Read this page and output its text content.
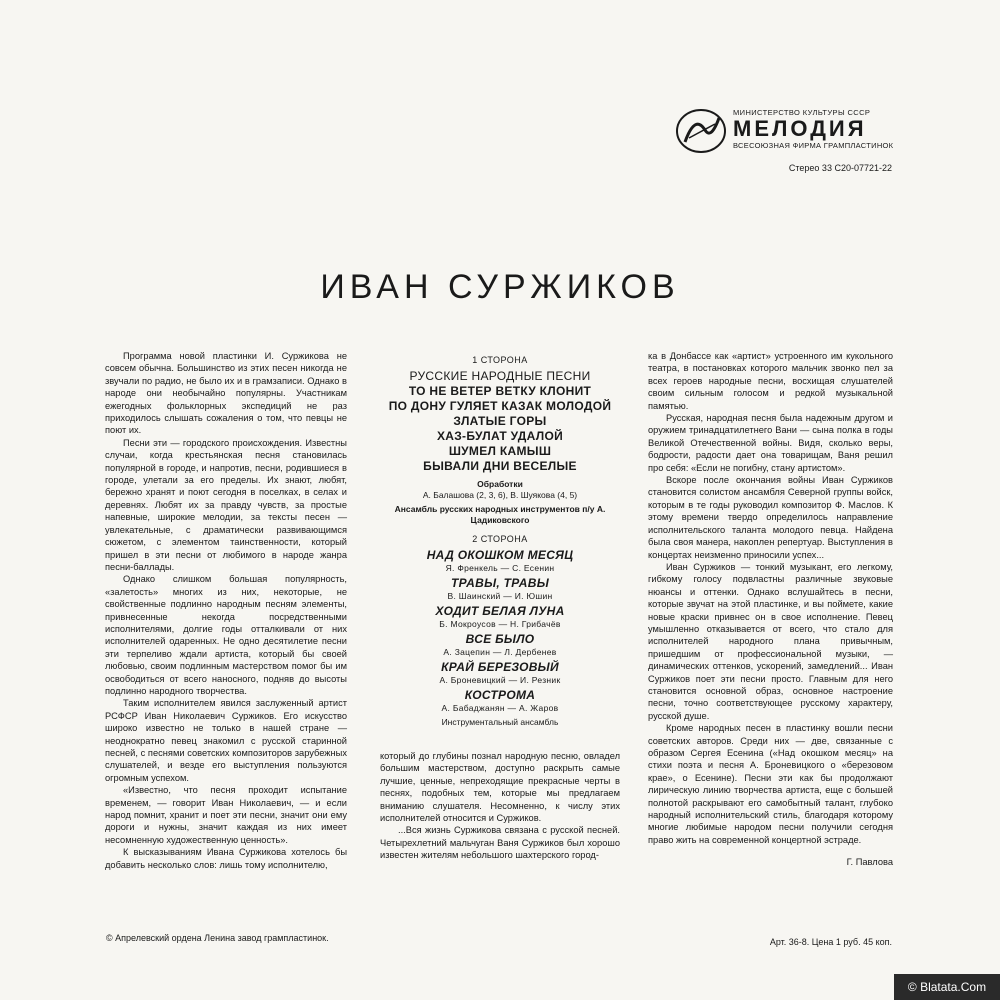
МИНИСТЕРСТВО КУЛЬТУРЫ СССР
МЕЛОДИЯ
ВСЕСОЮЗНАЯ ФИРМА ГРАМПЛАСТИНОК
Стерео 33 С20-07721-22
ИВАН СУРЖИКОВ

Программа новой пластинки И. Суржикова не совсем обычна. Большинство из этих песен никогда не звучали по радио, не было их и в грамзаписи. Однако в народе они необычайно популярны. Участникам ежегодных фольклорных экспедиций не раз приходилось слышать сожаления о том, что певцы не поют их.

Песни эти — городского происхождения. Известны случаи, когда крестьянская песня становилась популярной в городе, и напротив, песни, родившиеся в городе, улетали за его пределы. Их знают, любят, бережно хранят и поют сегодня в поселках, в селах и деревнях. Любят их за правду чувств, за простые напевные, широкие мелодии, за тексты песен — увлекательные, с драматически развивающимся сюжетом, с элементом таинственности, который пришел в эти песни от любимого в народе жанра песни-баллады.

Однако слишком большая популярность, «залетость» многих из них, некоторые, не свойственные подлинно народным песням элементы, привнесенные некогда посредственными исполнителями, долгие годы отталкивали от них исполнителей одаренных. Не одно десятилетие песни эти терпеливо ждали артиста, который бы своей любовью, своим подлинным мастерством помог бы им освободиться от всего наносного, подняв до высоты подлинно народного творчества.

Таким исполнителем явился заслуженный артист РСФСР Иван Николаевич Суржиков. Его искусство широко известно не только в нашей стране — неоднократно певец знакомил с русской старинной песней, с песнями советских композиторов зарубежных слушателей, и везде его выступления пользуются огромным успехом.

«Известно, что песня проходит испытание временем, — говорит Иван Николаевич, — и если народ помнит, хранит и поет эти песни, значит они ему дороги и нужны, значит каждая из них имеет несомненную художественную ценность».

К высказываниям Ивана Суржикова хотелось бы добавить несколько слов: лишь тому исполнителю,

1 СТОРОНА
РУССКИЕ НАРОДНЫЕ ПЕСНИ
ТО НЕ ВЕТЕР ВЕТКУ КЛОНИТ
ПО ДОНУ ГУЛЯЕТ КАЗАК МОЛОДОЙ
ЗЛАТЫЕ ГОРЫ
ХАЗ-БУЛАТ УДАЛОЙ
ШУМЕЛ КАМЫШ
БЫВАЛИ ДНИ ВЕСЕЛЫЕ
Обработки
А. Балашова (2, 3, 6), В. Шуякова (4, 5)
Ансамбль русских народных инструментов п/у А. Цадиковского
2 СТОРОНА
НАД ОКОШКОМ МЕСЯЦ
Я. Френкель — С. Есенин
ТРАВЫ, ТРАВЫ
В. Шаинский — И. Юшин
ХОДИТ БЕЛАЯ ЛУНА
Б. Мокроусов — Н. Грибачёв
ВСЕ БЫЛО
А. Зацепин — Л. Дербенев
КРАЙ БЕРЕЗОВЫЙ
А. Броневицкий — И. Резник
КОСТРОМА
А. Бабаджанян — А. Жаров
Инструментальный ансамбль

который до глубины познал народную песню, овладел большим мастерством, доступно раскрыть самые лучшие, ценные, непреходящие прекрасные черты в песнях, подобных тем, которые мы предлагаем вниманию слушателя. Несомненно, к числу этих исполнителей относится и Суржиков.

...Вся жизнь Суржикова связана с русской песней. Четырехлетний мальчуган Ваня Суржиков был хорошо известен жителям небольшого шахтерского город-

ка в Донбассе как «артист» устроенного им кукольного театра, в постановках которого мальчик звонко пел за всех героев народные песни, восхищая слушателей своим сильным голосом и редкой музыкальной памятью.

Русская, народная песня была надежным другом и оружием тринадцатилетнего Вани — сына полка в годы Великой Отечественной войны. Видя, сколько веры, бодрости, радости дает она товарищам, Ваня решил про себя: «Если не погибну, стану артистом».

Вскоре после окончания войны Иван Суржиков становится солистом ансамбля Северной группы войск, которым в те годы руководил композитор Ф. Маслов. К этому времени твердо определилось направление исполнительского таланта молодого певца. Найдена была своя манера, накоплен репертуар. Выступления в концертах неизменно приносили успех...

Иван Суржиков — тонкий музыкант, его легкому, гибкому голосу подвластны различные звуковые нюансы и оттенки. Однако вслушайтесь в песни, которые звучат на этой пластинке, и вы поймете, какие новые краски привнес он в свое исполнение. Певец умышленно отказывается от всего, что стало для исполнителей народного плана привычным, пришедшим от профессиональной музыки, — динамических оттенков, ускорений, замедлений... Иван Суржиков поет эти песни просто. Главным для него становится основной образ, основное настроение песни, точно соответствующее русскому характеру, русской душе.

Кроме народных песен в пластинку вошли песни советских авторов. Среди них — две, связанные с образом Сергея Есенина («Над окошком месяц» на стихи поэта и песня А. Броневицкого о «березовом крае», о Есенине). Песни эти как бы продолжают лирическую линию творчества артиста, еще с большей полнотой раскрывают его самобытный талант, глубоко народный исполнительский стиль, благодаря которому многие любимые народом песни получили сегодня право жить на современной концертной эстраде.

Г. Павлова

© Апрелевский ордена Ленина завод грампластинок.	Арт. 36-8. Цена 1 руб. 45 коп.
© Blatata.Com
